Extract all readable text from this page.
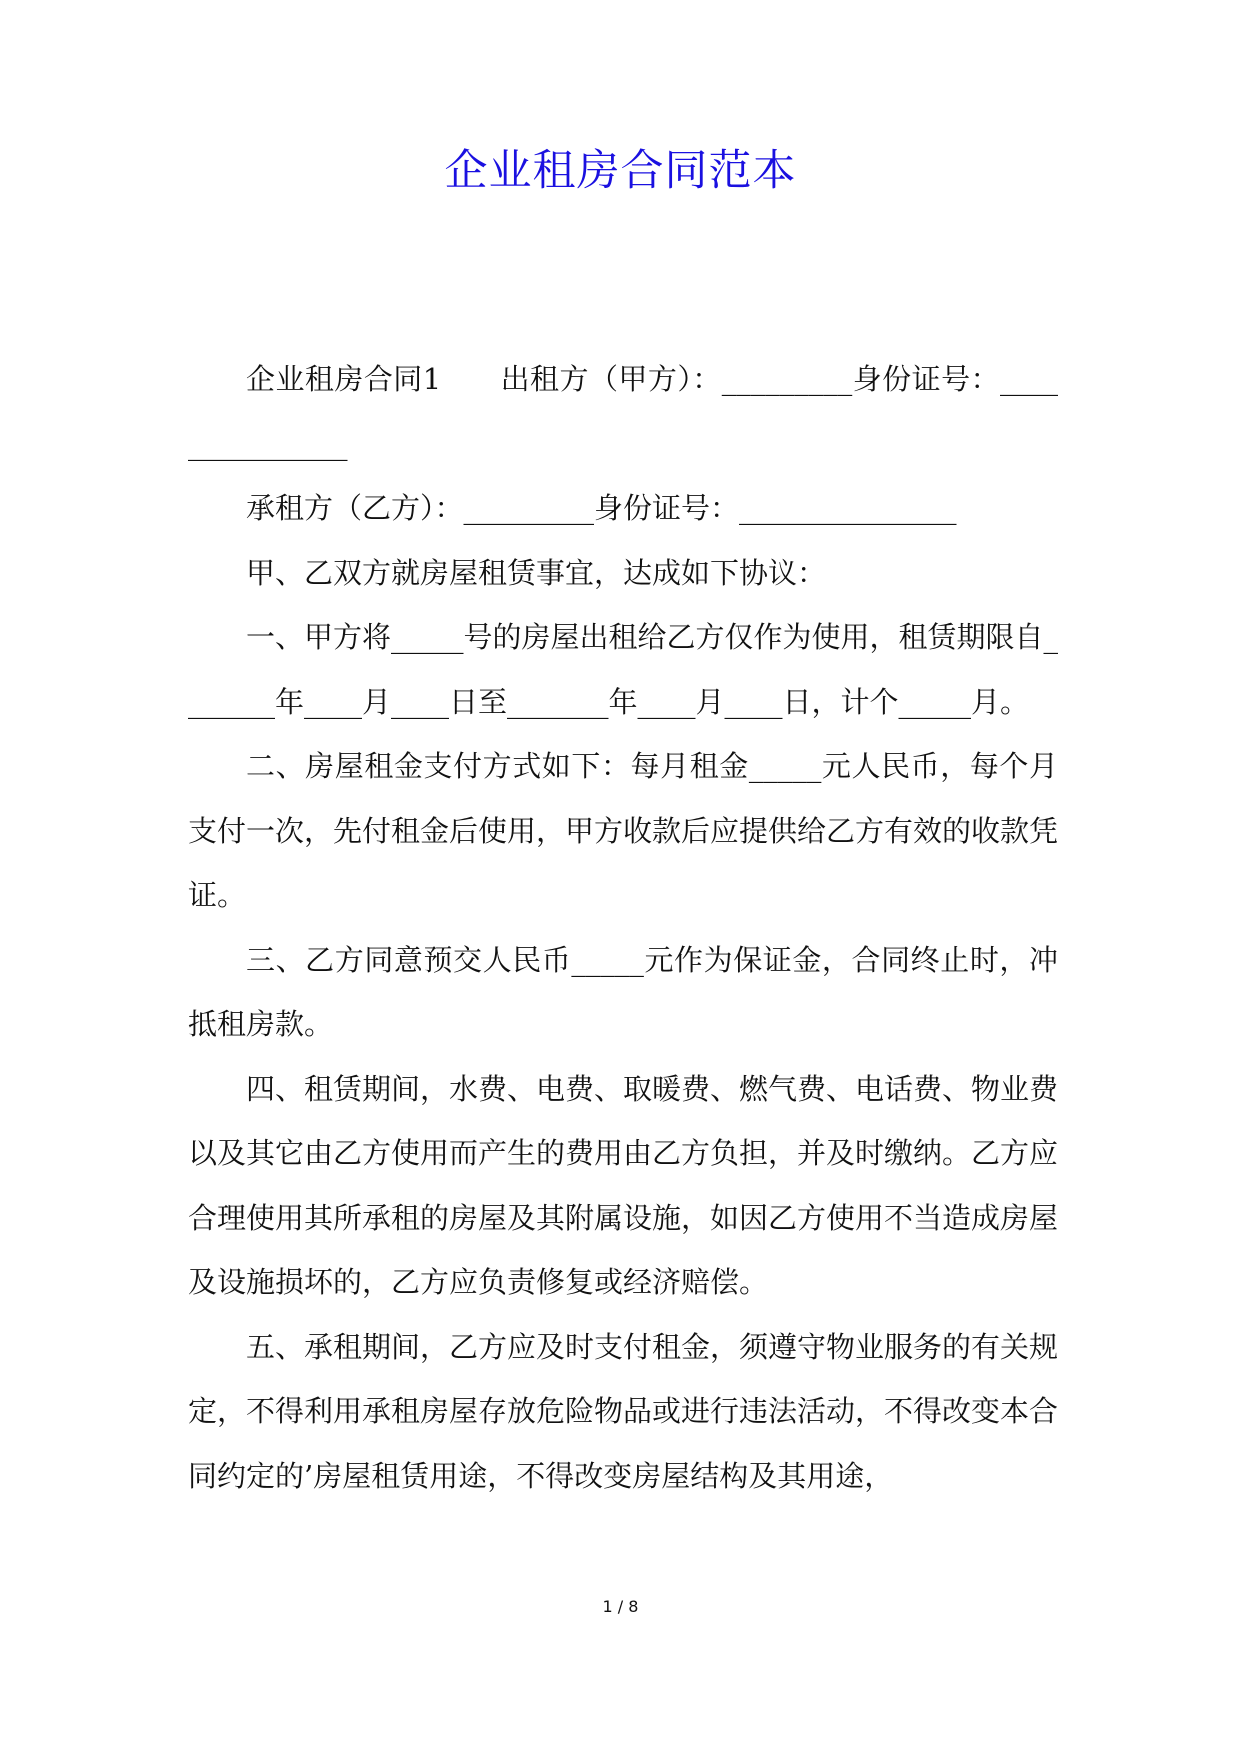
企业租房合同范本

企业租房合同1　　出租方（甲方）：_________身份证号：_______________

承租方（乙方）：_________身份证号：_______________

甲、乙双方就房屋租赁事宜，达成如下协议：

一、甲方将_____号的房屋出租给乙方仅作为使用，租赁期限自_______年____月____日至_______年____月____日，计个_____月。

二、房屋租金支付方式如下：每月租金_____元人民币，每个月支付一次，先付租金后使用，甲方收款后应提供给乙方有效的收款凭证。

三、乙方同意预交人民币_____元作为保证金，合同终止时，冲抵租房款。

四、租赁期间，水费、电费、取暖费、燃气费、电话费、物业费以及其它由乙方使用而产生的费用由乙方负担，并及时缴纳。乙方应合理使用其所承租的房屋及其附属设施，如因乙方使用不当造成房屋及设施损坏的，乙方应负责修复或经济赔偿。

五、承租期间，乙方应及时支付租金，须遵守物业服务的有关规定，不得利用承租房屋存放危险物品或进行违法活动，不得改变本合同约定的’房屋租赁用途，不得改变房屋结构及其用途，

1 / 8
